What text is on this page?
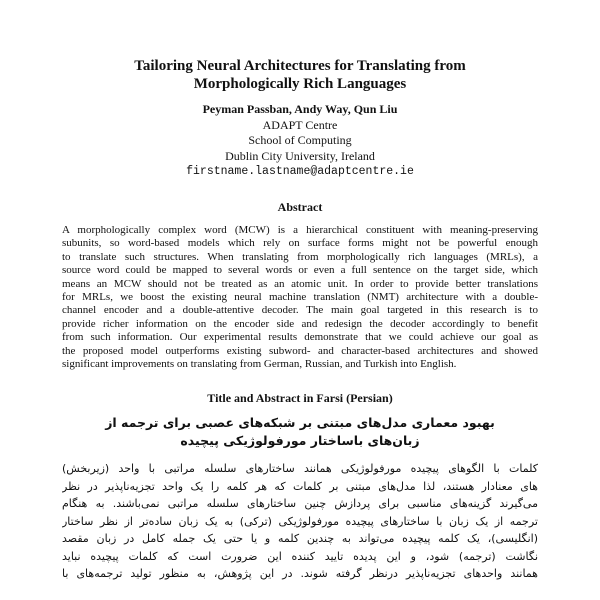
Tailoring Neural Architectures for Translating from
Morphologically Rich Languages
Peyman Passban, Andy Way, Qun Liu
ADAPT Centre
School of Computing
Dublin City University, Ireland
firstname.lastname@adaptcentre.ie
Abstract
A morphologically complex word (MCW) is a hierarchical constituent with meaning-preserving
subunits, so word-based models which rely on surface forms might not be powerful enough
to translate such structures. When translating from morphologically rich languages (MRLs), a
source word could be mapped to several words or even a full sentence on the target side, which
means an MCW should not be treated as an atomic unit. In order to provide better translations
for MRLs, we boost the existing neural machine translation (NMT) architecture with a double-
channel encoder and a double-attentive decoder. The main goal targeted in this research is to
provide richer information on the encoder side and redesign the decoder accordingly to benefit
from such information. Our experimental results demonstrate that we could achieve our goal as
the proposed model outperforms existing subword- and character-based architectures and showed
significant improvements on translating from German, Russian, and Turkish into English.
Title and Abstract in Farsi (Persian)
بهبود معماری مدل‌های مبتنی بر شبکه‌های عصبی برای ترجمه از
زبان‌های باساختار مورفولوژیکی پیچیده
کلمات با الگوهای پیچیده مورفولوژیکی همانند ساختارهای سلسله مراتبی با واحد (زیربخش)
های معنادار هستند، لذا مدل‌های مبتنی بر کلمات که هر کلمه را یک واحد تجزیه‌ناپذیر در نظر
می‌گیرند گزینه‌های مناسبی برای پردازش چنین ساختارهای سلسله مراتبی نمی‌باشند. به هنگام
ترجمه از یک زبان با ساختارهای پیچیده مورفولوژیکی (ترکی) به یک زبان ساده‌تر از نظر ساختار
(انگلیسی)، یک کلمه پیچیده می‌تواند به چندین کلمه و یا حتی یک جمله کامل در زبان مقصد
نگاشت (ترجمه) شود، و این پدیده تایید کننده این ضرورت است که کلمات پیچیده نباید
همانند واحدهای تجزیه‌ناپذیر درنظر گرفته شوند. در این پژوهش، به منظور تولید ترجمه‌های با
